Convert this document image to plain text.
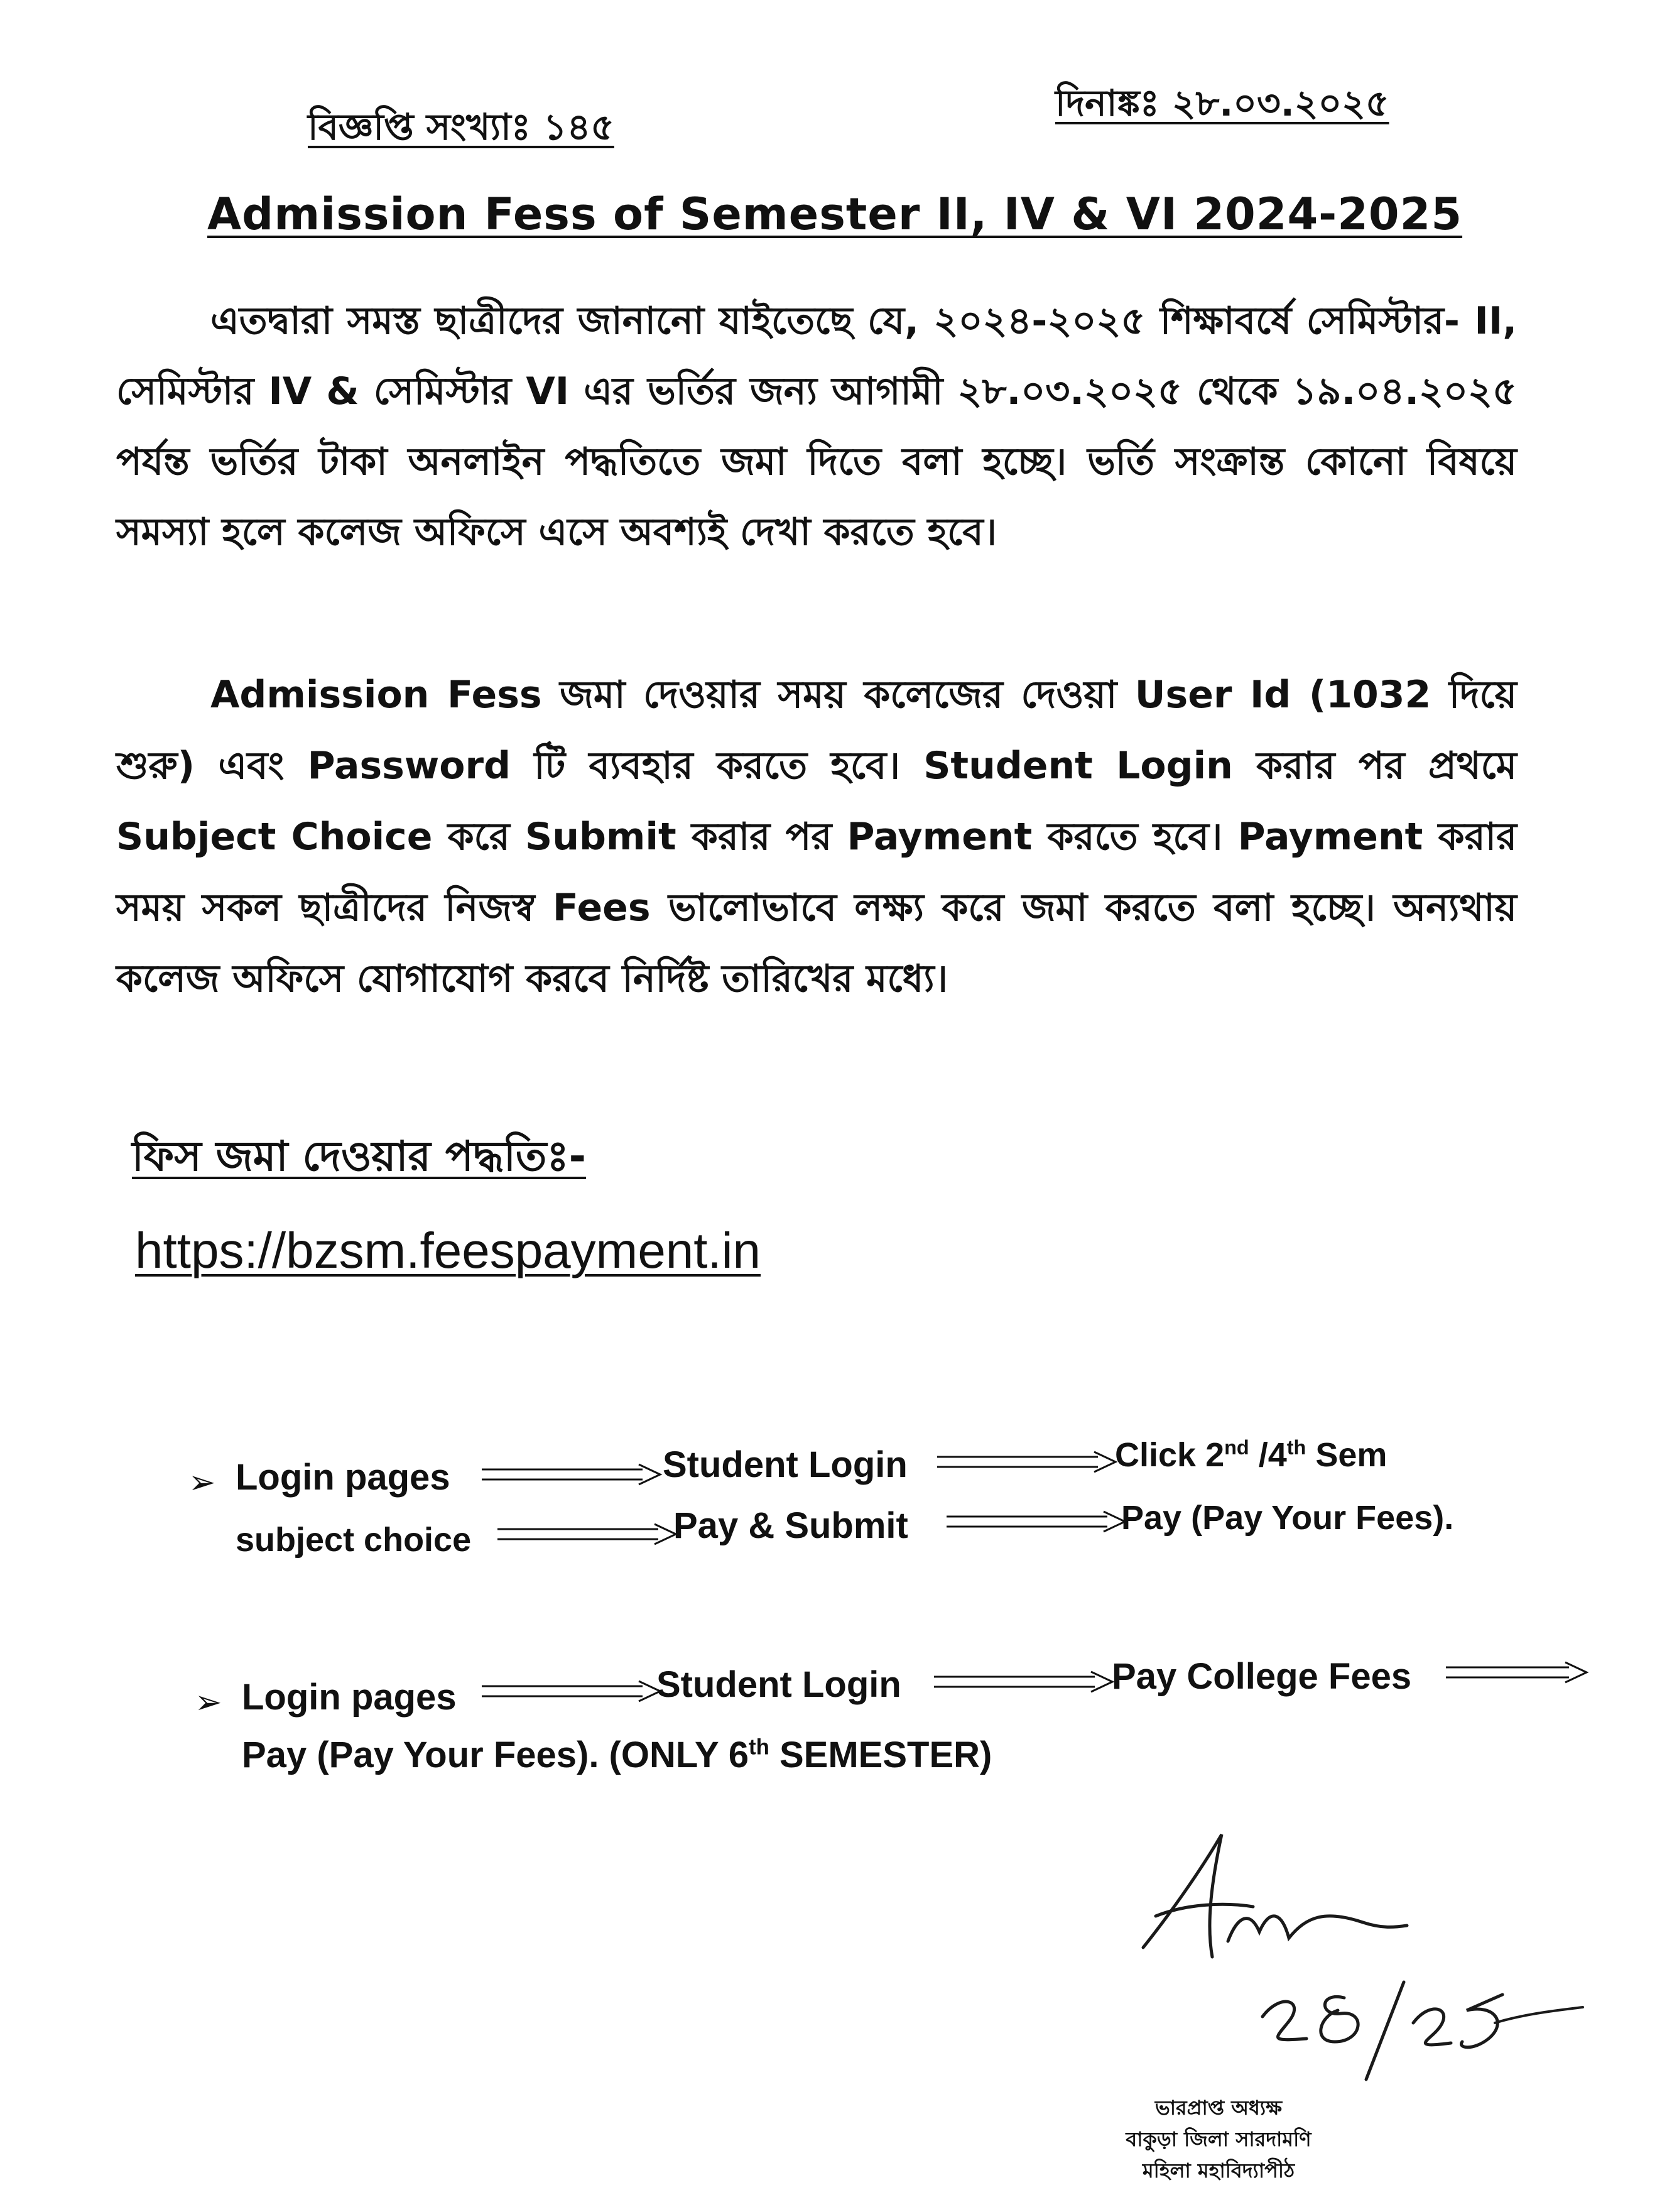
বিজ্ঞপ্তি সংখ্যাঃ ১৪৫
দিনাঙ্কঃ ২৮.০৩.২০২৫
Admission Fess of Semester II, IV & VI 2024-2025
এতদ্বারা সমস্ত ছাত্রীদের জানানো যাইতেছে যে, ২০২৪-২০২৫ শিক্ষাবর্ষে সেমিস্টার- II, সেমিস্টার IV & সেমিস্টার VI এর ভর্তির জন্য আগামী ২৮.০৩.২০২৫ থেকে ১৯.০৪.২০২৫ পর্যন্ত ভর্তির টাকা অনলাইন পদ্ধতিতে জমা দিতে বলা হচ্ছে। ভর্তি সংক্রান্ত কোনো বিষয়ে সমস্যা হলে কলেজ অফিসে এসে অবশ্যই দেখা করতে হবে।
Admission Fess জমা দেওয়ার সময় কলেজের দেওয়া User Id (1032 দিয়ে শুরু) এবং Password টি ব্যবহার করতে হবে। Student Login করার পর প্রথমে Subject Choice করে Submit করার পর Payment করতে হবে। Payment করার সময় সকল ছাত্রীদের নিজস্ব Fees ভালোভাবে লক্ষ্য করে জমা করতে বলা হচ্ছে। অন্যথায় কলেজ অফিসে যোগাযোগ করবে নির্দিষ্ট তারিখের মধ্যে।
ফিস জমা দেওয়ার পদ্ধতিঃ-
https://bzsm.feespayment.in
➢ Login pages	Student Login	Click 2nd /4th Sem
subject choice	Pay & Submit	Pay (Pay Your Fees).
➢ Login pages	Student Login	Pay College Fees
Pay (Pay Your Fees). (ONLY 6th SEMESTER)
ভারপ্রাপ্ত অধ্যক্ষ
বাকুড়া জিলা সারদামণি
মহিলা মহাবিদ্যাপীঠ
